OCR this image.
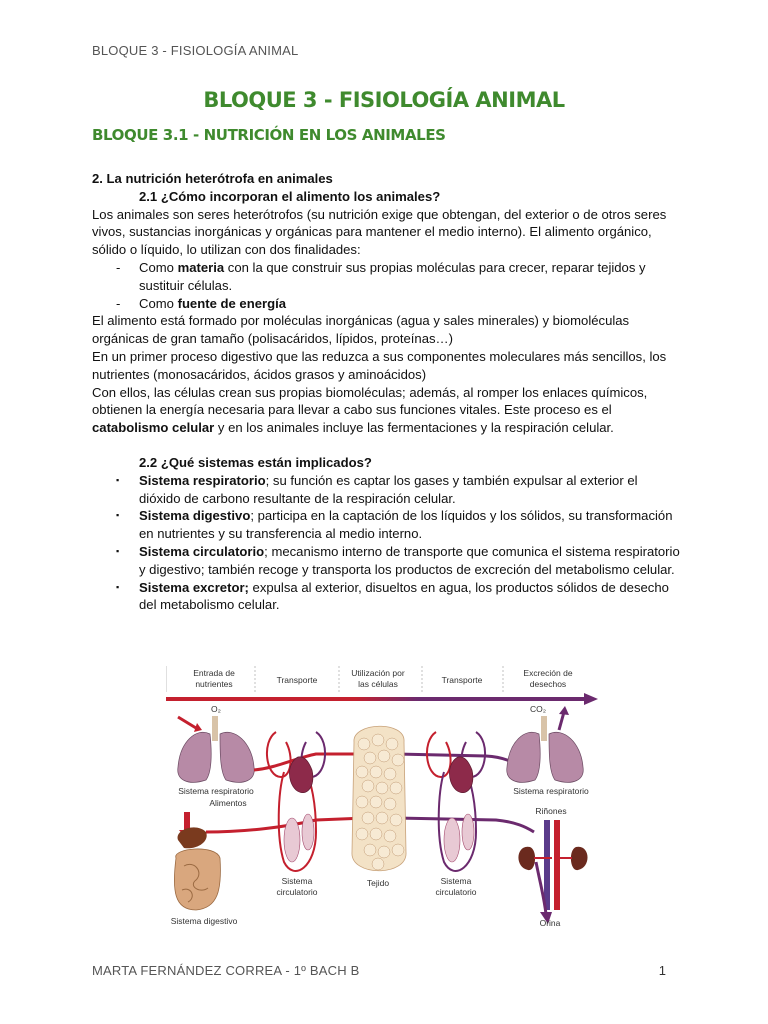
BLOQUE 3 - FISIOLOGÍA ANIMAL
BLOQUE 3 - FISIOLOGÍA ANIMAL
BLOQUE 3.1 - NUTRICIÓN EN LOS ANIMALES

2. La nutrición heterótrofa en animales

2.1 ¿Cómo incorporan el alimento los animales?

Los animales son seres heterótrofos (su nutrición exige que obtengan, del exterior o de otros seres vivos, sustancias inorgánicas y orgánicas para mantener el medio interno). El alimento orgánico, sólido o líquido, lo utilizan con dos finalidades:

- Como materia con la que construir sus propias moléculas para crecer, reparar tejidos y sustituir células.
- Como fuente de energía

El alimento está formado por moléculas inorgánicas (agua y sales minerales) y biomoléculas orgánicas de gran tamaño (polisacáridos, lípidos, proteínas…)

En un primer proceso digestivo que las reduzca a sus componentes moleculares más sencillos, los nutrientes (monosacáridos, ácidos grasos y aminoácidos)

Con ellos, las células crean sus propias biomoléculas; además, al romper los enlaces químicos, obtienen la energía necesaria para llevar a cabo sus funciones vitales. Este proceso es el catabolismo celular y en los animales incluye las fermentaciones y la respiración celular.

2.2 ¿Qué sistemas están implicados?

▪ Sistema respiratorio; su función es captar los gases y también expulsar al exterior el dióxido de carbono resultante de la respiración celular.
▪ Sistema digestivo; participa en la captación de los líquidos y los sólidos, su transformación en nutrientes y su transferencia al medio interno.
▪ Sistema circulatorio; mecanismo interno de transporte que comunica el sistema respiratorio y digestivo; también recoge y transporta los productos de excreción del metabolismo celular.
▪ Sistema excretor; expulsa al exterior, disueltos en agua, los productos sólidos de desecho del metabolismo celular.
Entrada de nutrientes	Transporte
Utilización por las células	Transporte
Excreción de desechos
O₂
Sistema respiratorio
Alimentos
Sistema circulatorio
Tejido	Sistema circulatorio
CO₂
Sistema respiratorio
Riñones
Orina
Sistema digestivo
MARTA FERNÁNDEZ CORREA - 1º BACH B	1
